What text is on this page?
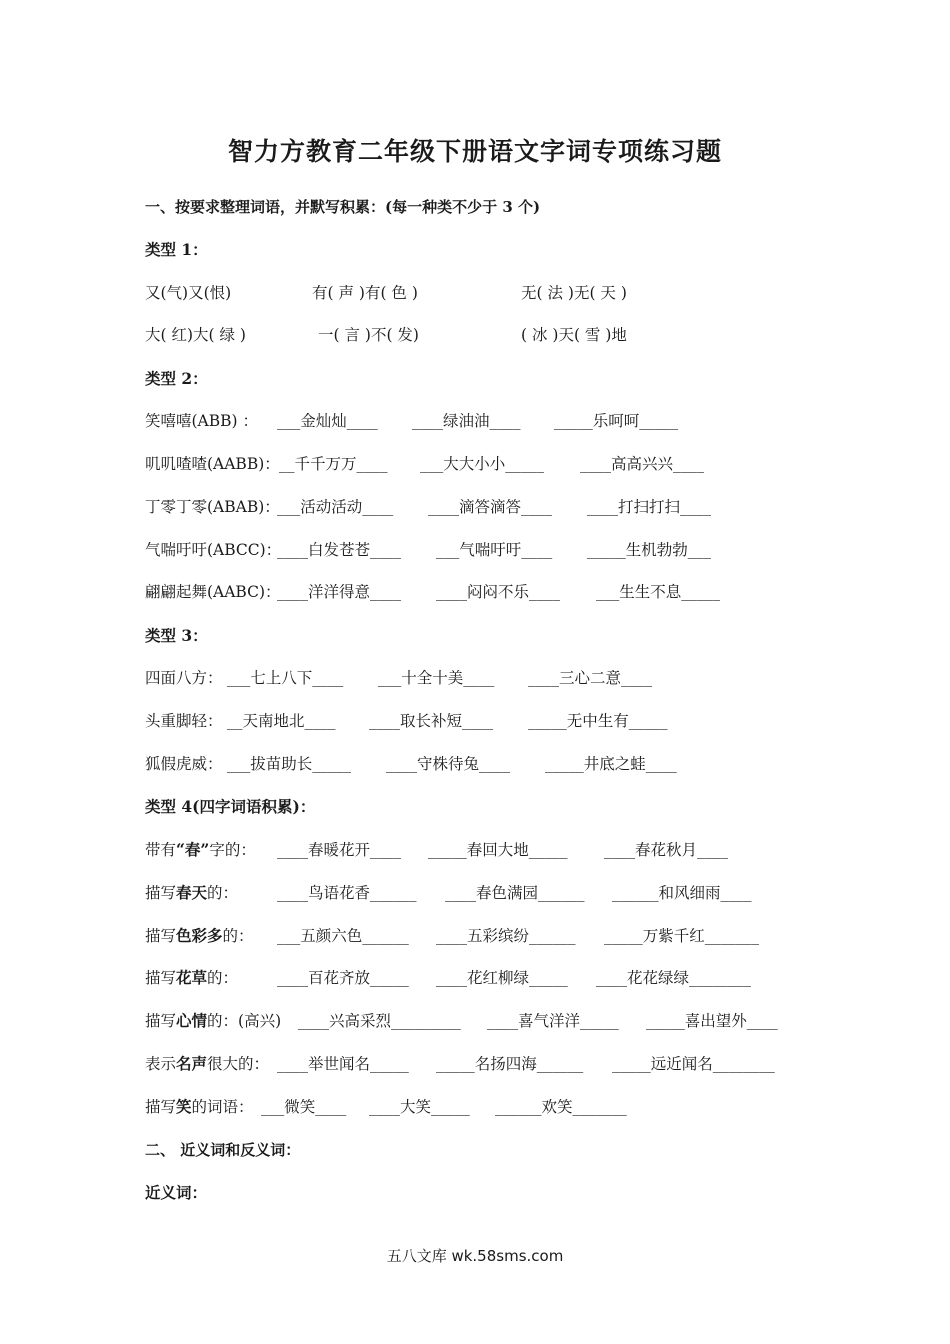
智力方教育二年级下册语文字词专项练习题
一、按要求整理词语，并默写积累：(每一种类不少于 3 个)
类型 1：
又(气)又(恨)	有( 声 )有( 色 )	无( 法 )无( 天 )
大( 红)大( 绿 )	一( 言 )不( 发)	( 冰 )天( 雪 )地
类型 2：
笑嘻嘻(ABB) ： ___金灿灿____ ____绿油油____ _____乐呵呵_____
叽叽喳喳(AABB)： __千千万万____ ___大大小小_____ ____高高兴兴____
丁零丁零(ABAB)：
___活动活动____ ____滴答滴答____ ____打扫打扫____
气喘吁吁(ABCC)：
____白发苍苍____ ___气喘吁吁____ _____生机勃勃___
翩翩起舞(AABC)：
____洋洋得意____ ____闷闷不乐____ ___生生不息_____
类型 3：
四面八方： ___七上八下____ ___十全十美____ ____三心二意____
头重脚轻： __天南地北____ ____取长补短____ _____无中生有_____
狐假虎威： ___拔苗助长_____ ____守株待兔____ _____井底之蛙____
类型 4(四字词语积累)：
带有“春”字的： ____春暖花开____ _____春回大地_____ ____春花秋月____
描写春天的：	____鸟语花香______ ____春色满园______ ______和风细雨____
描写色彩多的： ___五颜六色______ ____五彩缤纷______ _____万紫千红_______
描写花草的：	____百花齐放_____ ____花红柳绿_____ ____花花绿绿________
描写心情的：(高兴) ____兴高采烈_________ ____喜气洋洋_____ _____喜出望外____
表示名声很大的： ____举世闻名_____ _____名扬四海______ _____远近闻名________
描写笑的词语： ___微笑____ ____大笑_____ ______欢笑_______
二、 近义词和反义词：
近义词：
五八文库 wk.58sms.com
